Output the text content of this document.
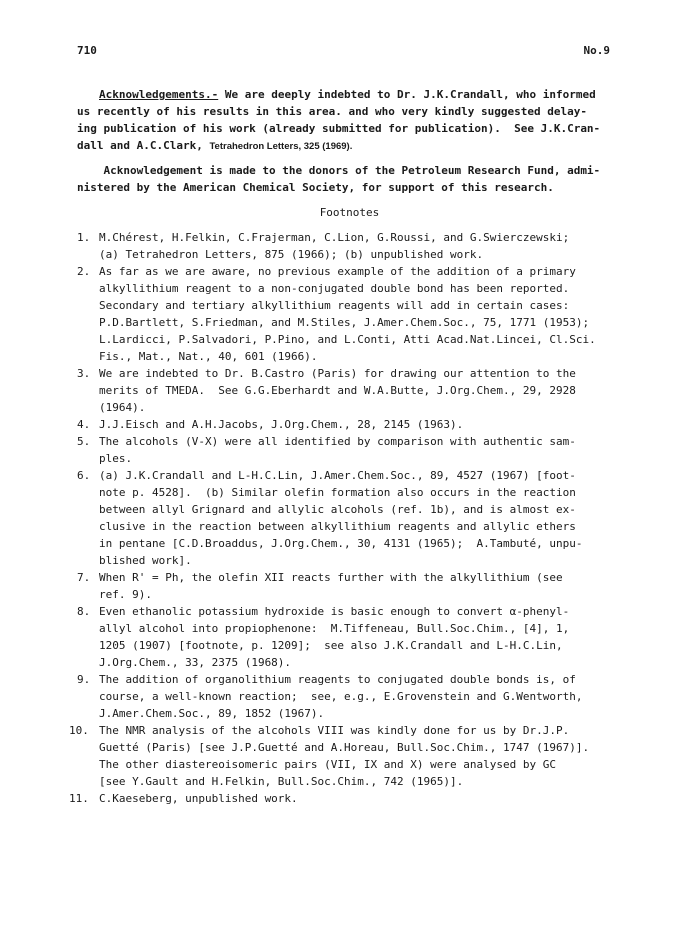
710	No.9
Acknowledgements.- We are deeply indebted to Dr. J.K.Crandall, who informed
us recently of his results in this area. and who very kindly suggested delay-
ing publication of his work (already submitted for publication).  See J.K.Cran-
dall and A.C.Clark, Tetrahedron Letters, 325 (1969).
Acknowledgement is made to the donors of the Petroleum Research Fund, admi-
nistered by the American Chemical Society, for support of this research.
Footnotes
1. M.Chérest, H.Felkin, C.Frajerman, C.Lion, G.Roussi, and G.Swierczewski;
(a) Tetrahedron Letters, 875 (1966); (b) unpublished work.
2. As far as we are aware, no previous example of the addition of a primary
alkyllithium reagent to a non-conjugated double bond has been reported.
Secondary and tertiary alkyllithium reagents will add in certain cases:
P.D.Bartlett, S.Friedman, and M.Stiles, J.Amer.Chem.Soc., 75, 1771 (1953);
L.Lardicci, P.Salvadori, P.Pino, and L.Conti, Atti Acad.Nat.Lincei, Cl.Sci.
Fis., Mat., Nat., 40, 601 (1966).
3. We are indebted to Dr. B.Castro (Paris) for drawing our attention to the
merits of TMEDA.  See G.G.Eberhardt and W.A.Butte, J.Org.Chem., 29, 2928
(1964).
4. J.J.Eisch and A.H.Jacobs, J.Org.Chem., 28, 2145 (1963).
5. The alcohols (V-X) were all identified by comparison with authentic sam-
ples.
6. (a) J.K.Crandall and L-H.C.Lin, J.Amer.Chem.Soc., 89, 4527 (1967) [foot-
note p. 4528].  (b) Similar olefin formation also occurs in the reaction
between allyl Grignard and allylic alcohols (ref. 1b), and is almost ex-
clusive in the reaction between alkyllithium reagents and allylic ethers
in pentane [C.D.Broaddus, J.Org.Chem., 30, 4131 (1965);  A.Tambuté, unpu-
blished work].
7. When R' = Ph, the olefin XII reacts further with the alkyllithium (see
ref. 9).
8. Even ethanolic potassium hydroxide is basic enough to convert α-phenyl-
allyl alcohol into propiophenone:  M.Tiffeneau, Bull.Soc.Chim., [4], 1,
1205 (1907) [footnote, p. 1209];  see also J.K.Crandall and L-H.C.Lin,
J.Org.Chem., 33, 2375 (1968).
9. The addition of organolithium reagents to conjugated double bonds is, of
course, a well-known reaction;  see, e.g., E.Grovenstein and G.Wentworth,
J.Amer.Chem.Soc., 89, 1852 (1967).
10. The NMR analysis of the alcohols VIII was kindly done for us by Dr.J.P.
Guetté (Paris) [see J.P.Guetté and A.Horeau, Bull.Soc.Chim., 1747 (1967)].
The other diastereoisomeric pairs (VII, IX and X) were analysed by GC
[see Y.Gault and H.Felkin, Bull.Soc.Chim., 742 (1965)].
11. C.Kaeseberg, unpublished work.
